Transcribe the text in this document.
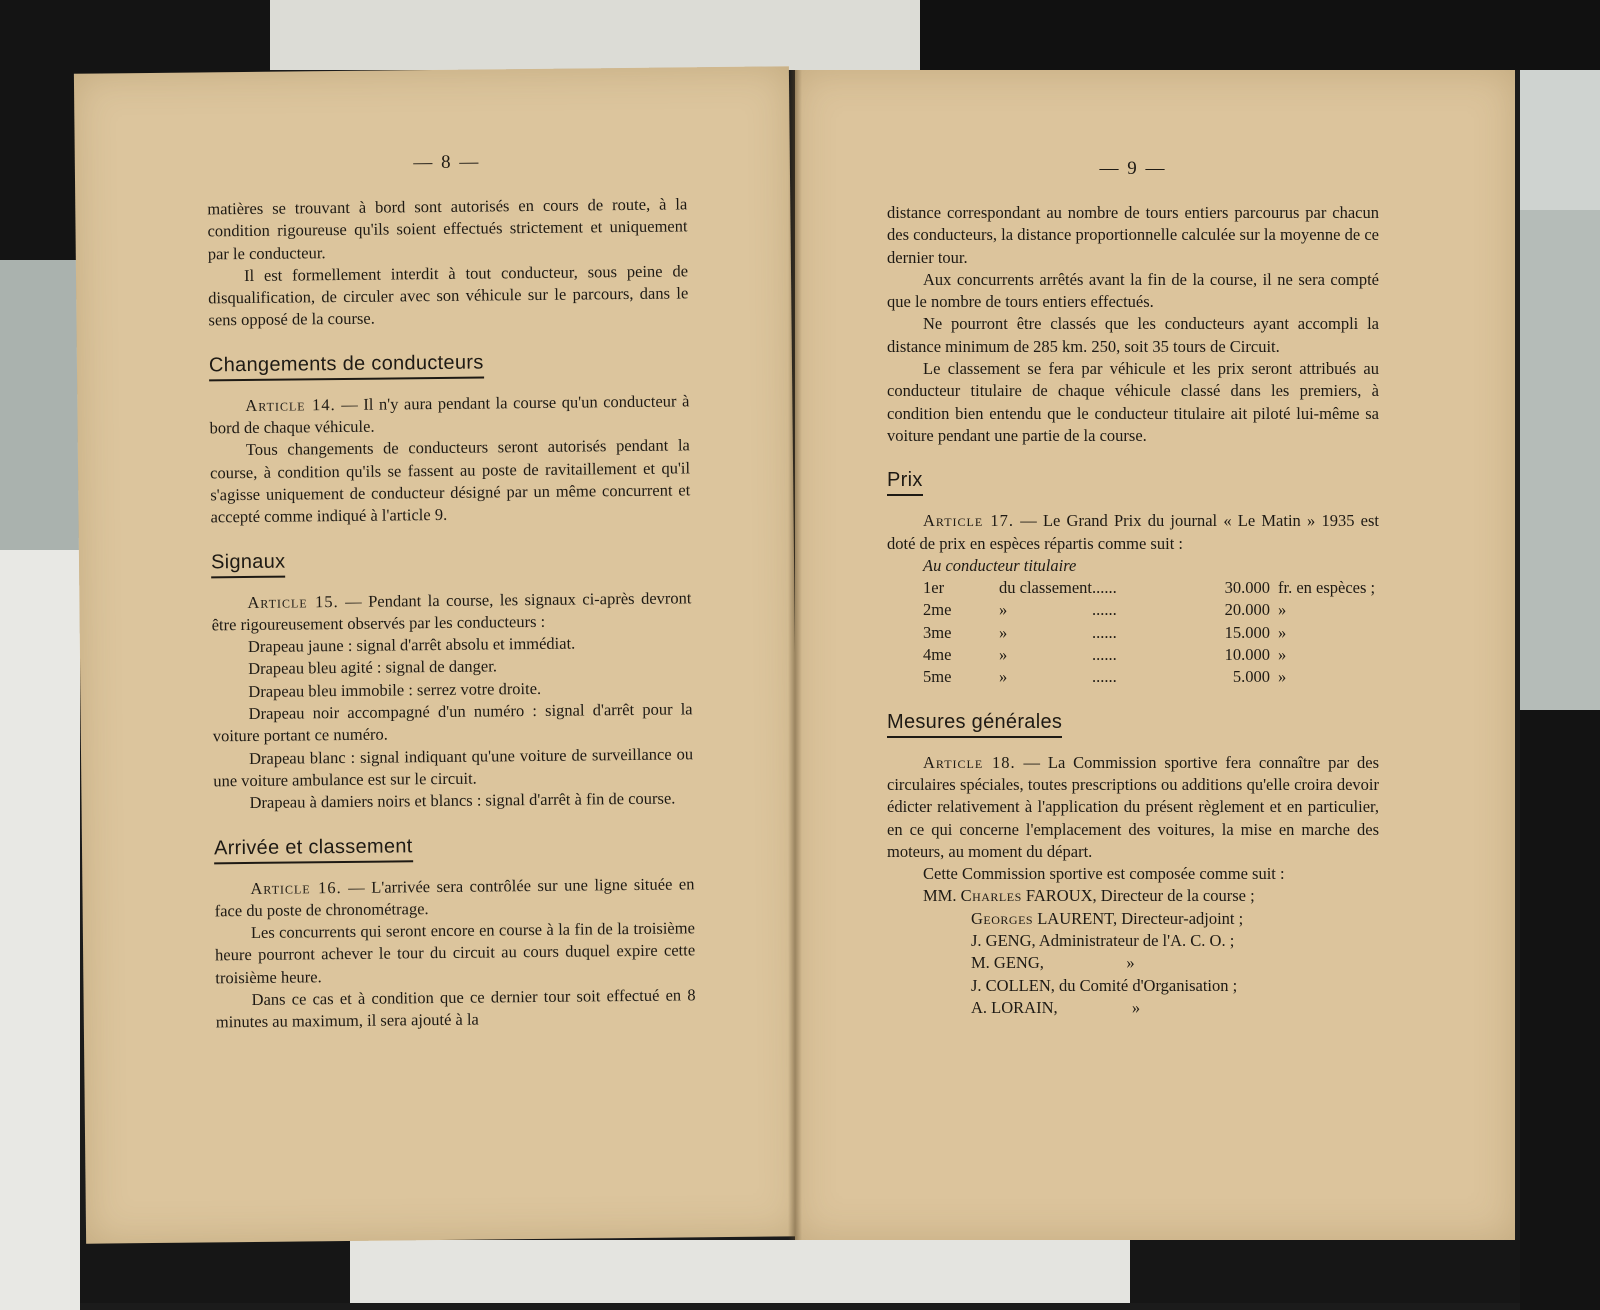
— 8 —

matières se trouvant à bord sont autorisés en cours de route, à la condition rigoureuse qu'ils soient effectués strictement et uniquement par le conducteur.

Il est formellement interdit à tout conducteur, sous peine de disqualification, de circuler avec son véhicule sur le parcours, dans le sens opposé de la course.

Changements de conducteurs

Article 14. — Il n'y aura pendant la course qu'un conducteur à bord de chaque véhicule.

Tous changements de conducteurs seront autorisés pendant la course, à condition qu'ils se fassent au poste de ravitaillement et qu'il s'agisse uniquement de conducteur désigné par un même concurrent et accepté comme indiqué à l'article 9.

Signaux

Article 15. — Pendant la course, les signaux ci-après devront être rigoureusement observés par les conducteurs :

Drapeau jaune : signal d'arrêt absolu et immédiat.

Drapeau bleu agité : signal de danger.

Drapeau bleu immobile : serrez votre droite.

Drapeau noir accompagné d'un numéro : signal d'arrêt pour la voiture portant ce numéro.

Drapeau blanc : signal indiquant qu'une voiture de surveillance ou une voiture ambulance est sur le circuit.

Drapeau à damiers noirs et blancs : signal d'arrêt à fin de course.

Arrivée et classement

Article 16. — L'arrivée sera contrôlée sur une ligne située en face du poste de chronométrage.

Les concurrents qui seront encore en course à la fin de la troisième heure pourront achever le tour du circuit au cours duquel expire cette troisième heure.

Dans ce cas et à condition que ce dernier tour soit effectué en 8 minutes au maximum, il sera ajouté à la

— 9 —

distance correspondant au nombre de tours entiers parcourus par chacun des conducteurs, la distance proportionnelle calculée sur la moyenne de ce dernier tour.

Aux concurrents arrêtés avant la fin de la course, il ne sera compté que le nombre de tours entiers effectués.

Ne pourront être classés que les conducteurs ayant accompli la distance minimum de 285 km. 250, soit 35 tours de Circuit.

Le classement se fera par véhicule et les prix seront attribués au conducteur titulaire de chaque véhicule classé dans les premiers, à condition bien entendu que le conducteur titulaire ait piloté lui-même sa voiture pendant une partie de la course.

Prix

Article 17. — Le Grand Prix du journal « Le Matin » 1935 est doté de prix en espèces répartis comme suit :

Au conducteur titulaire
1er	du classement	......	30.000	fr. en espèces ;
2me	»	......	20.000	»
3me	»	......	15.000	»
4me	»	......	10.000	»
5me	»	......	5.000	»
Mesures générales

Article 18. — La Commission sportive fera connaître par des circulaires spéciales, toutes prescriptions ou additions qu'elle croira devoir édicter relativement à l'application du présent règlement et en particulier, en ce qui concerne l'emplacement des voitures, la mise en marche des moteurs, au moment du départ.

Cette Commission sportive est composée comme suit :
MM. Charles FAROUX, Directeur de la course ;
Georges LAURENT, Directeur-adjoint ;
J. GENG, Administrateur de l'A. C. O. ;
M. GENG,                    »
J. COLLEN, du Comité d'Organisation ;
A. LORAIN,                  »
